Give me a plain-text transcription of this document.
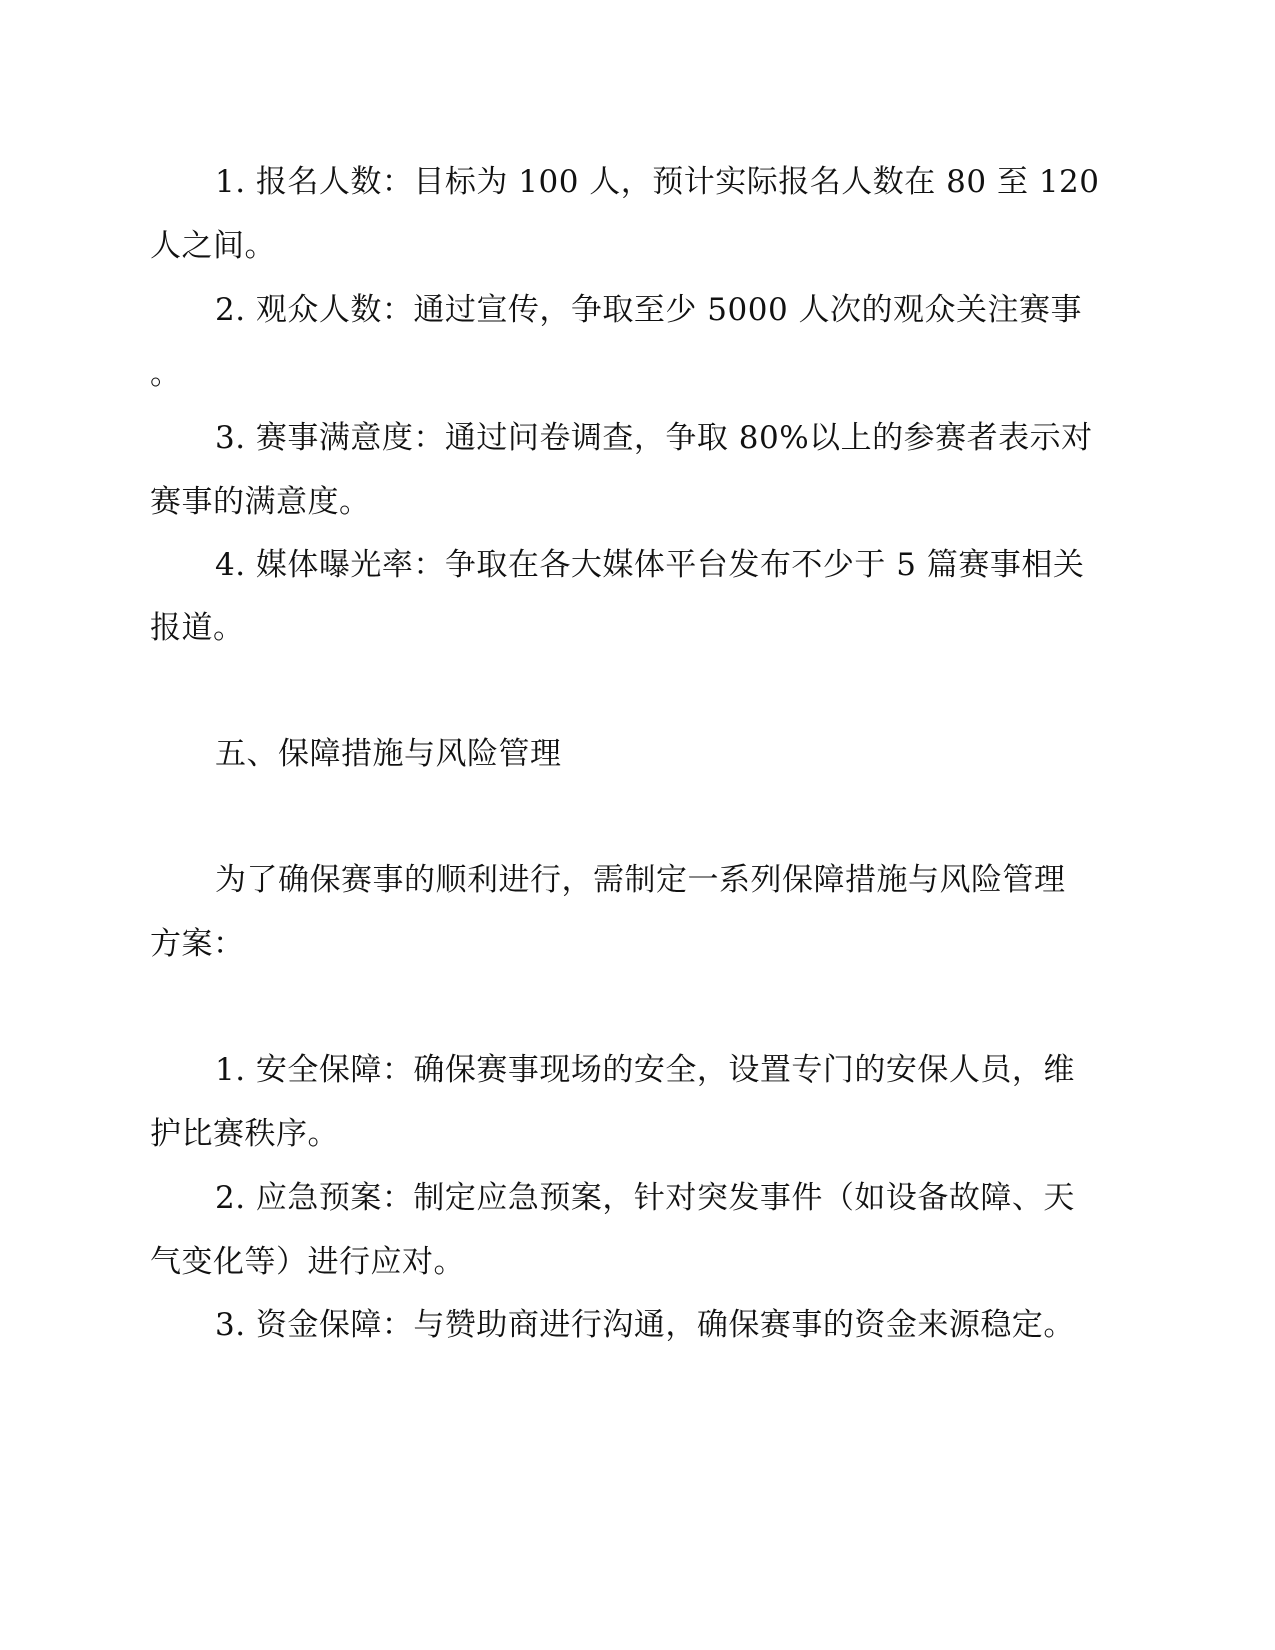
1. 报名人数：目标为 100 人，预计实际报名人数在 80 至 120
人之间。
2. 观众人数：通过宣传，争取至少 5000 人次的观众关注赛事
。
3. 赛事满意度：通过问卷调查，争取 80%以上的参赛者表示对
赛事的满意度。
4. 媒体曝光率：争取在各大媒体平台发布不少于 5 篇赛事相关
报道。
五、保障措施与风险管理
为了确保赛事的顺利进行，需制定一系列保障措施与风险管理
方案：
1. 安全保障：确保赛事现场的安全，设置专门的安保人员，维
护比赛秩序。
2. 应急预案：制定应急预案，针对突发事件（如设备故障、天
气变化等）进行应对。
3. 资金保障：与赞助商进行沟通，确保赛事的资金来源稳定。
